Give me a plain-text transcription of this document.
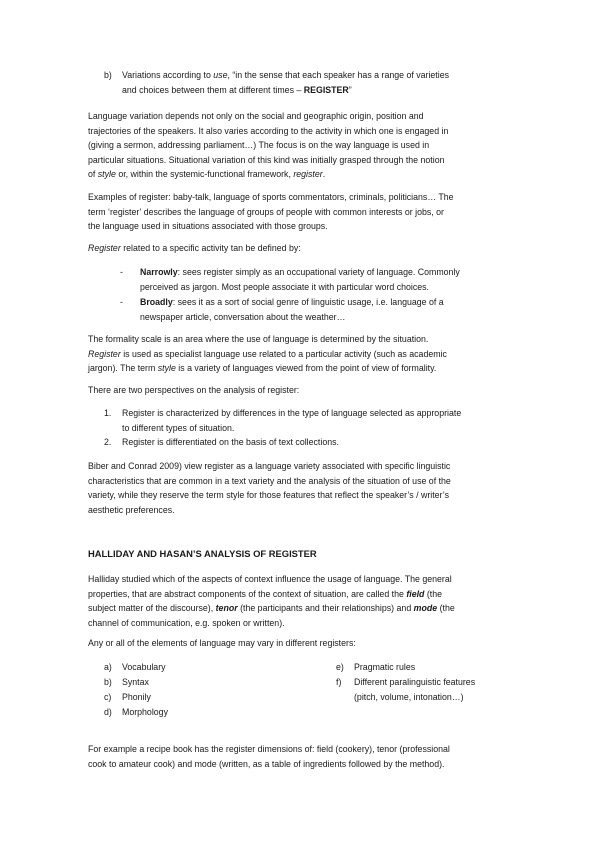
b) Variations according to use, “in the sense that each speaker has a range of varieties
and choices between them at different times – REGISTER”
Language variation depends not only on the social and geographic origin, position and
trajectories of the speakers. It also varies according to the activity in which one is engaged in
(giving a sermon, addressing parliament…) The focus is on the way language is used in
particular situations. Situational variation of this kind was initially grasped through the notion
of style or, within the systemic-functional framework, register.
Examples of register: baby-talk, language of sports commentators, criminals, politicians… The
term ‘register’ describes the language of groups of people with common interests or jobs, or
the language used in situations associated with those groups.
Register related to a specific activity tan be defined by:
- Narrowly: sees register simply as an occupational variety of language. Commonly
perceived as jargon. Most people associate it with particular word choices.
- Broadly: sees it as a sort of social genre of linguistic usage, i.e. language of a
newspaper article, conversation about the weather…
The formality scale is an area where the use of language is determined by the situation.
Register is used as specialist language use related to a particular activity (such as academic
jargon). The term style is a variety of languages viewed from the point of view of formality.
There are two perspectives on the analysis of register:
1. Register is characterized by differences in the type of language selected as appropriate
to different types of situation.
2. Register is differentiated on the basis of text collections.
Biber and Conrad 2009) view register as a language variety associated with specific linguistic
characteristics that are common in a text variety and the analysis of the situation of use of the
variety, while they reserve the term style for those features that reflect the speaker’s / writer’s
aesthetic preferences.
HALLIDAY AND HASAN’S ANALYSIS OF REGISTER
Halliday studied which of the aspects of context influence the usage of language. The general
properties, that are abstract components of the context of situation, are called the field (the
subject matter of the discourse), tenor (the participants and their relationships) and mode (the
channel of communication, e.g. spoken or written).
Any or all of the elements of language may vary in different registers:
a) Vocabulary
b) Syntax
c) Phonily
d) Morphology
e) Pragmatic rules
f) Different paralinguistic features
(pitch, volume, intonation…)
For example a recipe book has the register dimensions of: field (cookery), tenor (professional
cook to amateur cook) and mode (written, as a table of ingredients followed by the method).
